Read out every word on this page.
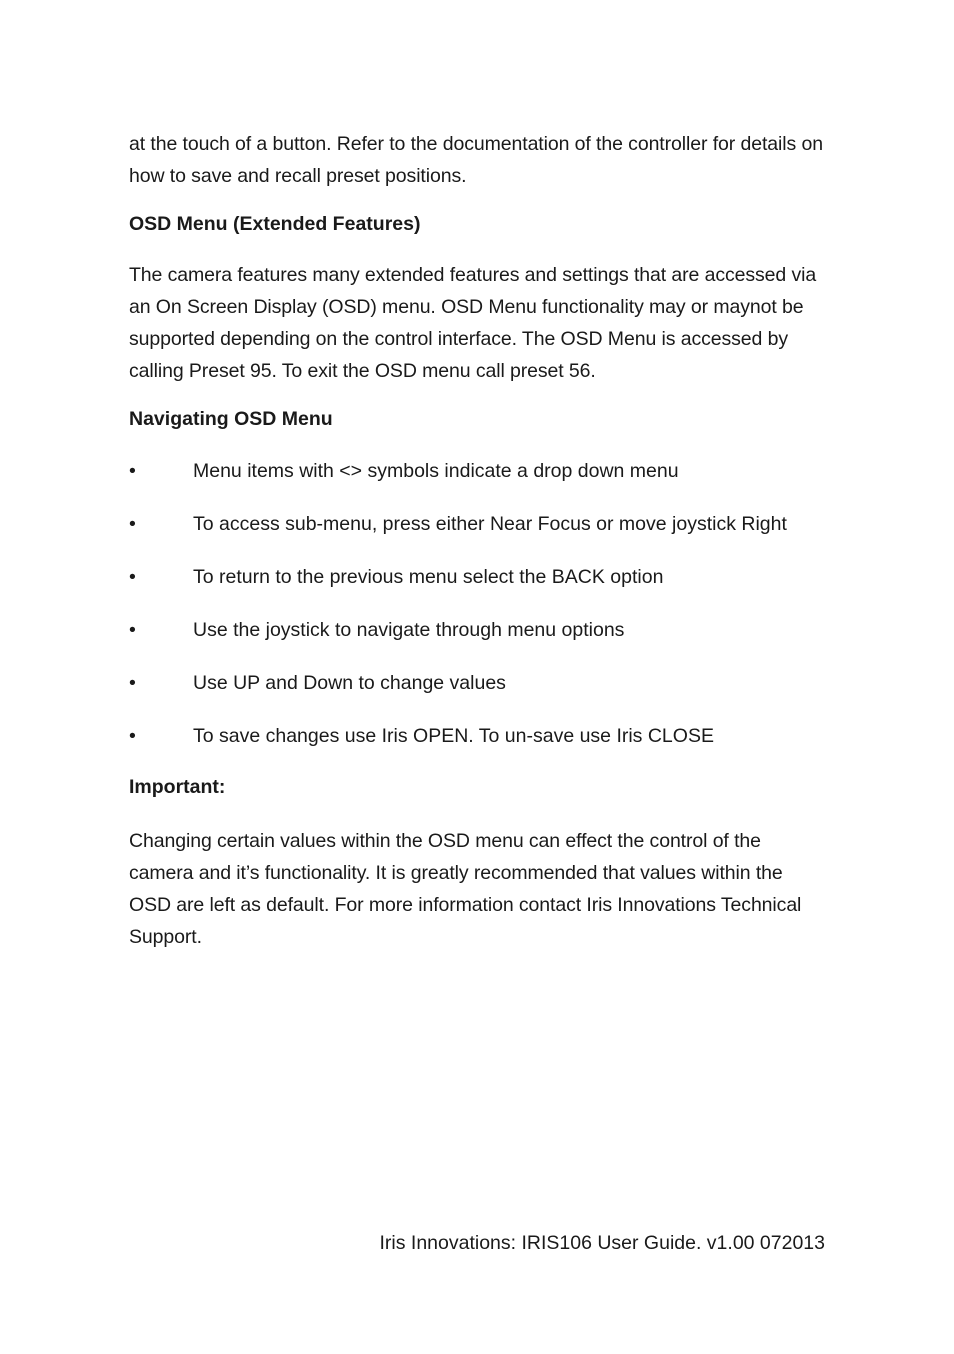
at the touch of a button. Refer to the documentation of the controller for details on how to save and recall preset positions.

OSD Menu (Extended Features)

The camera features many extended features and settings that are accessed via an On Screen Display (OSD) menu. OSD Menu functionality may or maynot be supported depending on the control interface. The OSD Menu is accessed by calling Preset 95. To exit the OSD menu call preset 56.

Navigating OSD Menu
•	Menu items with <> symbols indicate a drop down menu
•	To access sub-menu, press either Near Focus or move joystick Right
•	To return to the previous menu select the BACK option
•	Use the joystick to navigate through menu options
•	Use UP and Down to change values
•	To save changes use Iris OPEN. To un-save use Iris CLOSE
Important:

Changing certain values within the OSD menu can effect the control of the camera and it’s functionality. It is greatly recommended that values within the OSD are left as default. For more information contact Iris Innovations Technical Support.

Iris Innovations: IRIS106 User Guide. v1.00 072013
